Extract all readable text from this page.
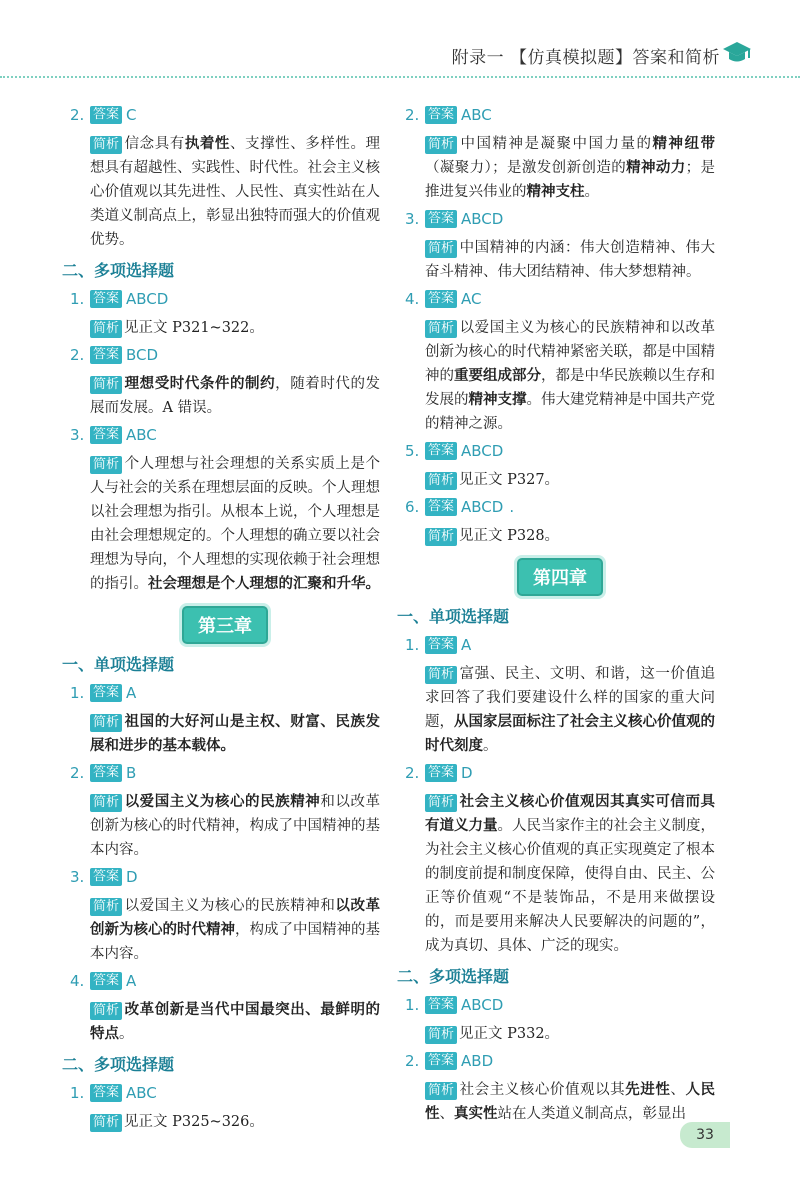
附录一 【仿真模拟题】答案和简析
2. 答案 C
简析 信念具有执着性、支撑性、多样性。理想具有超越性、实践性、时代性。社会主义核心价值观以其先进性、人民性、真实性站在人类道义制高点上，彰显出独特而强大的价值观优势。
二、多项选择题
1. 答案 ABCD
简析 见正文 P321~322。
2. 答案 BCD
简析 理想受时代条件的制约，随着时代的发展而发展。A 错误。
3. 答案 ABC
简析 个人理想与社会理想的关系实质上是个人与社会的关系在理想层面的反映。个人理想以社会理想为指引。从根本上说，个人理想是由社会理想规定的。个人理想的确立要以社会理想为导向，个人理想的实现依赖于社会理想的指引。社会理想是个人理想的汇聚和升华。
第三章
一、单项选择题
1. 答案 A
简析 祖国的大好河山是主权、财富、民族发展和进步的基本载体。
2. 答案 B
简析 以爱国主义为核心的民族精神和以改革创新为核心的时代精神，构成了中国精神的基本内容。
3. 答案 D
简析 以爱国主义为核心的民族精神和以改革创新为核心的时代精神，构成了中国精神的基本内容。
4. 答案 A
简析 改革创新是当代中国最突出、最鲜明的特点。
二、多项选择题
1. 答案 ABC
简析 见正文 P325~326。
2. 答案 ABC
简析 中国精神是凝聚中国力量的精神纽带（凝聚力）；是激发创新创造的精神动力；是推进复兴伟业的精神支柱。
3. 答案 ABCD
简析 中国精神的内涵：伟大创造精神、伟大奋斗精神、伟大团结精神、伟大梦想精神。
4. 答案 AC
简析 以爱国主义为核心的民族精神和以改革创新为核心的时代精神紧密关联，都是中国精神的重要组成部分，都是中华民族赖以生存和发展的精神支撑。伟大建党精神是中国共产党的精神之源。
5. 答案 ABCD
简析 见正文 P327。
6. 答案 ABCD .
简析 见正文 P328。
第四章
一、单项选择题
1. 答案 A
简析 富强、民主、文明、和谐，这一价值追求回答了我们要建设什么样的国家的重大问题，从国家层面标注了社会主义核心价值观的时代刻度。
2. 答案 D
简析 社会主义核心价值观因其真实可信而具有道义力量。人民当家作主的社会主义制度，为社会主义核心价值观的真正实现奠定了根本的制度前提和制度保障，使得自由、民主、公正等价值观“不是装饰品，不是用来做摆设的，而是要用来解决人民要解决的问题的”，成为真切、具体、广泛的现实。
二、多项选择题
1. 答案 ABCD
简析 见正文 P332。
2. 答案 ABD
简析 社会主义核心价值观以其先进性、人民性、真实性站在人类道义制高点，彰显出
33
